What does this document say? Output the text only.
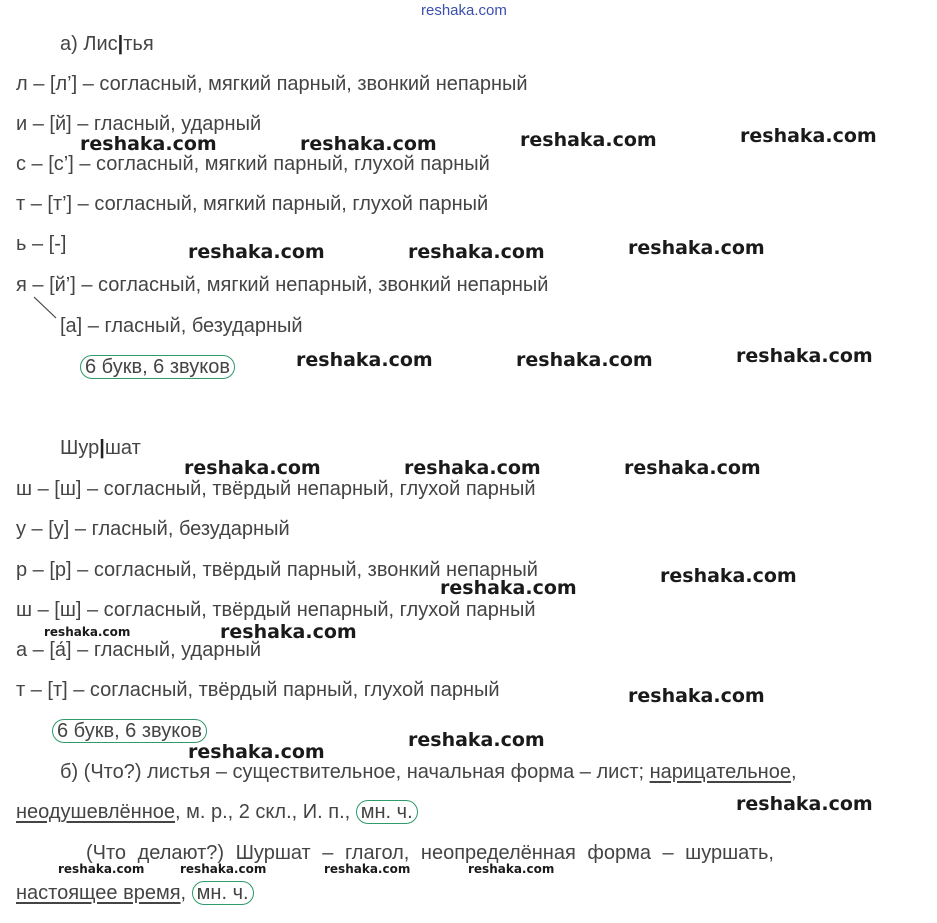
reshaka.com
а) Лис|тья
л – [л’] – согласный, мягкий парный, звонкий непарный
и – [й] – гласный, ударный
с – [с’] – согласный, мягкий парный, глухой парный
т – [т’] – согласный, мягкий парный, глухой парный
ь – [-]
я – [й’] – согласный, мягкий непарный, звонкий непарный
[а] – гласный, безударный
6 букв, 6 звуков
Шур|шат
ш – [ш] – согласный, твёрдый непарный, глухой парный
у – [у] – гласный, безударный
р – [р] – согласный, твёрдый парный, звонкий непарный
ш – [ш] – согласный, твёрдый непарный, глухой парный
а – [а́] – гласный, ударный
т – [т] – согласный, твёрдый парный, глухой парный
6 букв, 6 звуков
б) (Что?) листья – существительное, начальная форма – лист; нарицательное,
неодушевлённое, м. р., 2 скл., И. п., мн. ч.
(Что делают?) Шуршат – глагол, неопределённая форма – шуршать,
настоящее время, мн. ч.
reshaka.com	reshaka.com	reshaka.com	reshaka.com
reshaka.com	reshaka.com	reshaka.com
reshaka.com	reshaka.com	reshaka.com
reshaka.com	reshaka.com	reshaka.com
reshaka.com
reshaka.com
reshaka.com	reshaka.com
reshaka.com
reshaka.com
reshaka.com
reshaka.com
reshaka.com	reshaka.com	reshaka.com	reshaka.com
